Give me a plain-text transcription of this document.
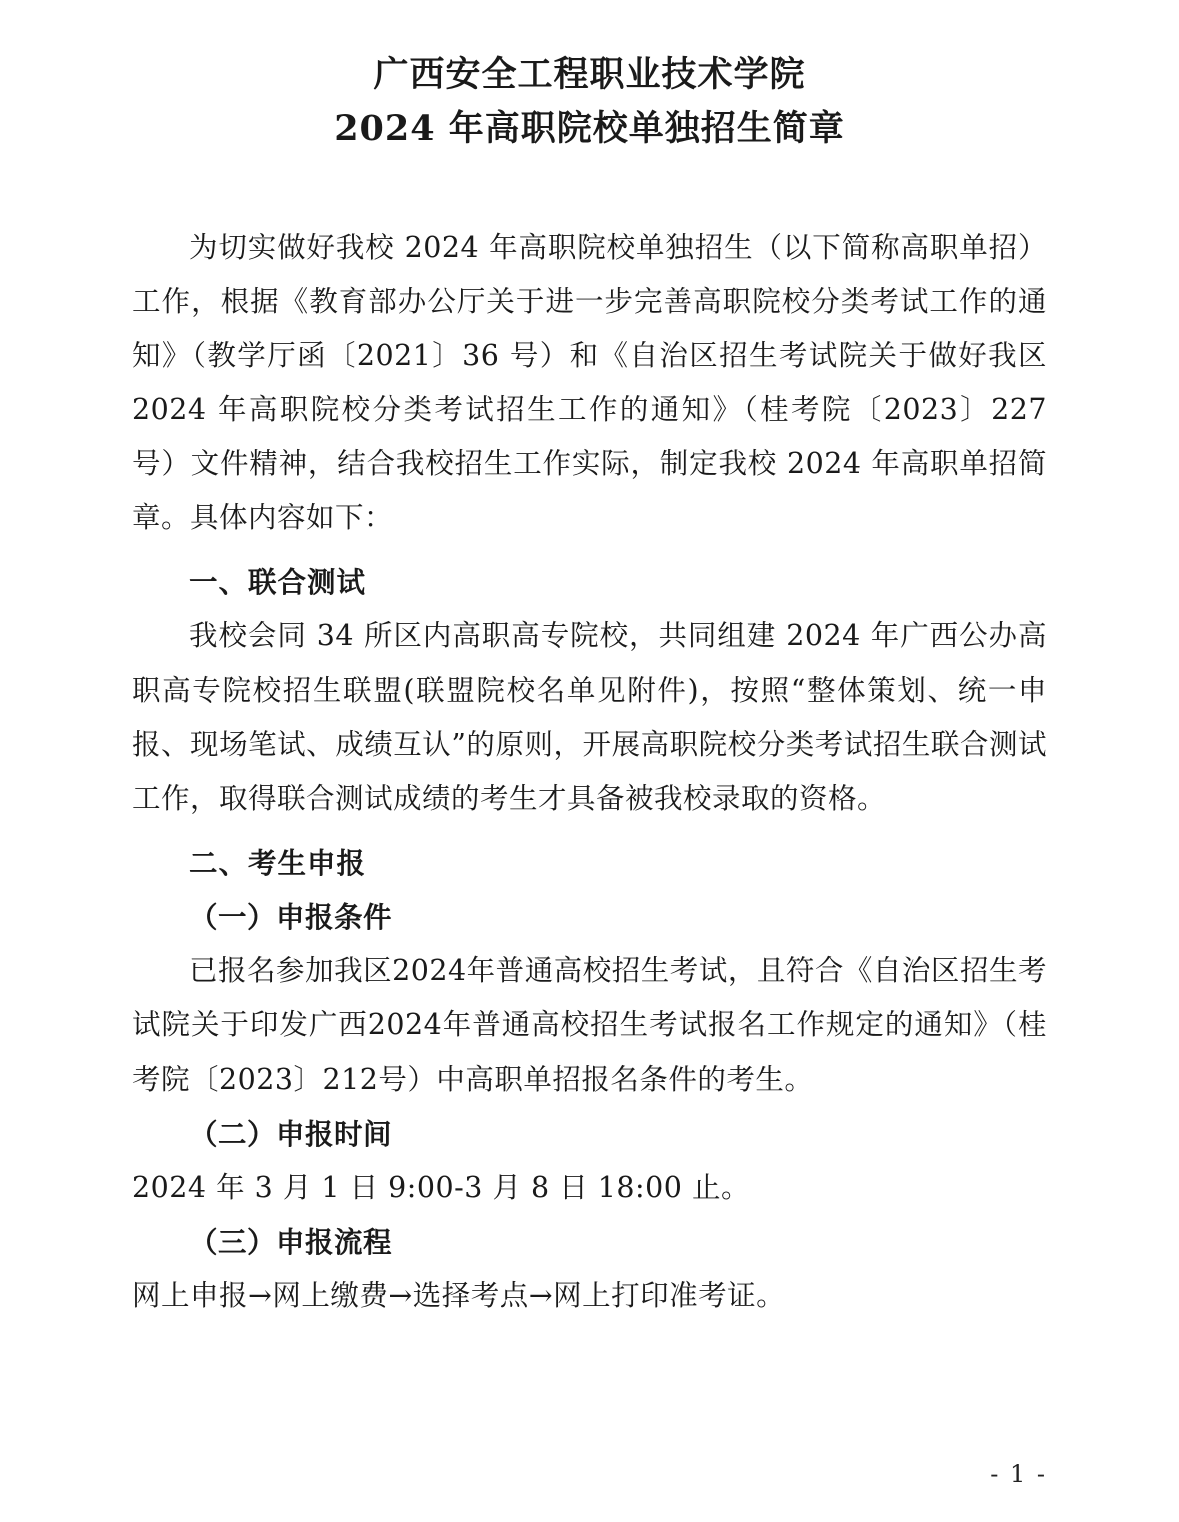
广西安全工程职业技术学院
2024 年高职院校单独招生简章

为切实做好我校 2024 年高职院校单独招生（以下简称高职单招）工作，根据《教育部办公厅关于进一步完善高职院校分类考试工作的通知》（教学厅函〔2021〕36 号）和《自治区招生考试院关于做好我区 2024 年高职院校分类考试招生工作的通知》（桂考院〔2023〕227 号）文件精神，结合我校招生工作实际，制定我校 2024 年高职单招简章。具体内容如下：

一、联合测试

我校会同 34 所区内高职高专院校，共同组建 2024 年广西公办高职高专院校招生联盟(联盟院校名单见附件)，按照“整体策划、统一申报、现场笔试、成绩互认”的原则，开展高职院校分类考试招生联合测试工作，取得联合测试成绩的考生才具备被我校录取的资格。

二、考生申报
（一）申报条件

已报名参加我区2024年普通高校招生考试，且符合《自治区招生考试院关于印发广西2024年普通高校招生考试报名工作规定的通知》（桂考院〔2023〕212号）中高职单招报名条件的考生。

（二）申报时间

2024 年 3 月 1 日 9:00-3 月 8 日 18:00 止。

（三）申报流程

网上申报→网上缴费→选择考点→网上打印准考证。

- 1 -
